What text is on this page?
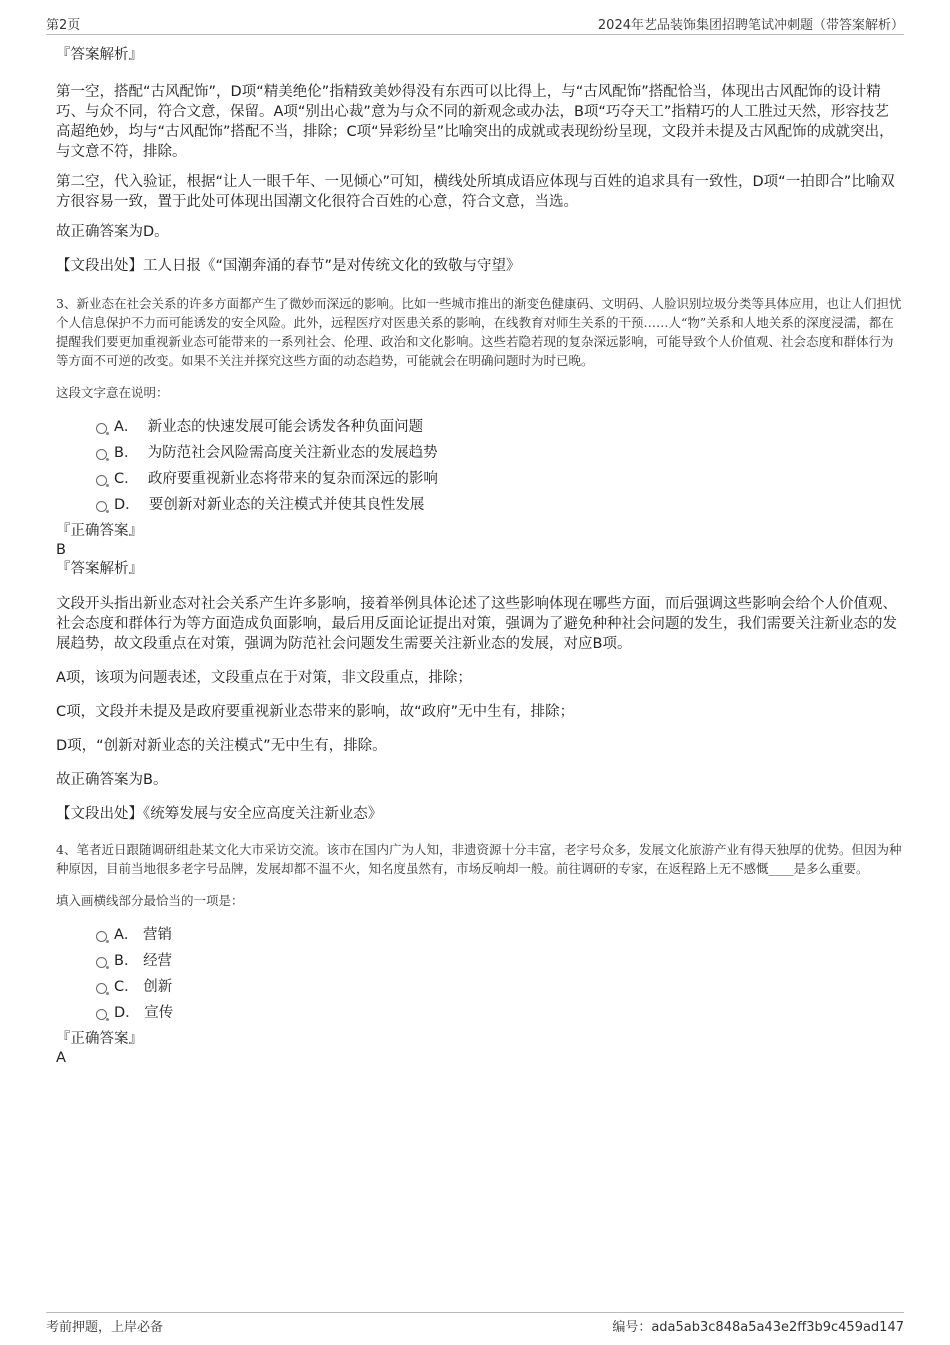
第2页	2024年艺品装饰集团招聘笔试冲刺题（带答案解析）

『答案解析』

第一空，搭配“古风配饰”，D项“精美绝伦”指精致美妙得没有东西可以比得上，与“古风配饰”搭配恰当，体现出古风配饰的设计精巧、与众不同，符合文意，保留。A项“别出心裁”意为与众不同的新观念或办法，B项“巧夺天工”指精巧的人工胜过天然，形容技艺高超绝妙，均与“古风配饰”搭配不当，排除；C项“异彩纷呈”比喻突出的成就或表现纷纷呈现，文段并未提及古风配饰的成就突出，与文意不符，排除。

第二空，代入验证，根据“让人一眼千年、一见倾心”可知，横线处所填成语应体现与百姓的追求具有一致性，D项“一拍即合”比喻双方很容易一致，置于此处可体现出国潮文化很符合百姓的心意，符合文意，当选。

故正确答案为D。

【文段出处】工人日报《“国潮奔涌的春节”是对传统文化的致敬与守望》

3、新业态在社会关系的许多方面都产生了微妙而深远的影响。比如一些城市推出的渐变色健康码、文明码、人脸识别垃圾分类等具体应用，也让人们担忧个人信息保护不力而可能诱发的安全风险。此外，远程医疗对医患关系的影响，在线教育对师生关系的干预……人“物”关系和人地关系的深度浸濡，都在提醒我们要更加重视新业态可能带来的一系列社会、伦理、政治和文化影响。这些若隐若现的复杂深远影响，可能导致个人价值观、社会态度和群体行为等方面不可逆的改变。如果不关注并探究这些方面的动态趋势，可能就会在明确问题时为时已晚。

这段文字意在说明：

A． 新业态的快速发展可能会诱发各种负面问题
B． 为防范社会风险需高度关注新业态的发展趋势
C． 政府要重视新业态将带来的复杂而深远的影响
D． 要创新对新业态的关注模式并使其良性发展

『正确答案』

B

『答案解析』

文段开头指出新业态对社会关系产生许多影响，接着举例具体论述了这些影响体现在哪些方面，而后强调这些影响会给个人价值观、社会态度和群体行为等方面造成负面影响，最后用反面论证提出对策，强调为了避免种种社会问题的发生，我们需要关注新业态的发展趋势，故文段重点在对策，强调为防范社会问题发生需要关注新业态的发展，对应B项。

A项，该项为问题表述，文段重点在于对策，非文段重点，排除；

C项，文段并未提及是政府要重视新业态带来的影响，故“政府”无中生有，排除；

D项，“创新对新业态的关注模式”无中生有，排除。

故正确答案为B。

【文段出处】《统筹发展与安全应高度关注新业态》

4、笔者近日跟随调研组赴某文化大市采访交流。该市在国内广为人知，非遗资源十分丰富，老字号众多，发展文化旅游产业有得天独厚的优势。但因为种种原因，目前当地很多老字号品牌，发展却都不温不火，知名度虽然有，市场反响却一般。前往调研的专家，在返程路上无不感慨____是多么重要。

填入画横线部分最恰当的一项是：

A． 营销
B． 经营
C． 创新
D． 宣传

『正确答案』

A

考前押题，上岸必备	编号：ada5ab3c848a5a43e2ff3b9c459ad147
